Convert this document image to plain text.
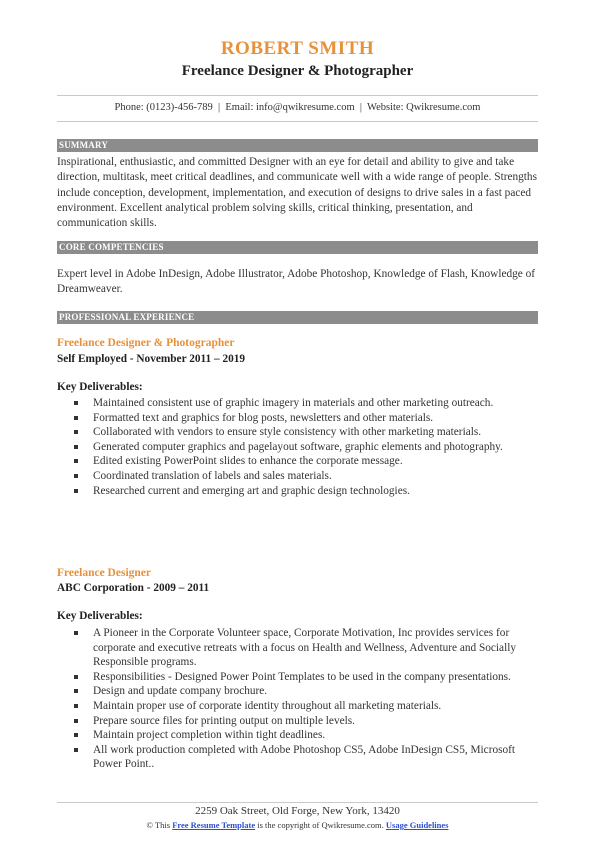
ROBERT SMITH
Freelance Designer & Photographer
Phone: (0123)-456-789  |  Email: info@qwikresume.com  |  Website: Qwikresume.com
SUMMARY
Inspirational, enthusiastic, and committed Designer with an eye for detail and ability to give and take direction, multitask, meet critical deadlines, and communicate well with a wide range of people. Strengths include conception, development, implementation, and execution of designs to drive sales in a fast paced environment. Excellent analytical problem solving skills, critical thinking, presentation, and communication skills.
CORE COMPETENCIES
Expert level in Adobe InDesign, Adobe Illustrator, Adobe Photoshop, Knowledge of Flash, Knowledge of Dreamweaver.
PROFESSIONAL EXPERIENCE
Freelance Designer & Photographer
Self Employed - November 2011 – 2019
Key Deliverables:
Maintained consistent use of graphic imagery in materials and other marketing outreach.
Formatted text and graphics for blog posts, newsletters and other materials.
Collaborated with vendors to ensure style consistency with other marketing materials.
Generated computer graphics and pagelayout software, graphic elements and photography.
Edited existing PowerPoint slides to enhance the corporate message.
Coordinated translation of labels and sales materials.
Researched current and emerging art and graphic design technologies.
Freelance Designer
ABC Corporation - 2009 – 2011
Key Deliverables:
A Pioneer in the Corporate Volunteer space, Corporate Motivation, Inc provides services for corporate and executive retreats with a focus on Health and Wellness, Adventure and Socially Responsible programs.
Responsibilities - Designed Power Point Templates to be used in the company presentations.
Design and update company brochure.
Maintain proper use of corporate identity throughout all marketing materials.
Prepare source files for printing output on multiple levels.
Maintain project completion within tight deadlines.
All work production completed with Adobe Photoshop CS5, Adobe InDesign CS5, Microsoft Power Point..
2259 Oak Street, Old Forge, New York, 13420
© This Free Resume Template is the copyright of Qwikresume.com. Usage Guidelines
